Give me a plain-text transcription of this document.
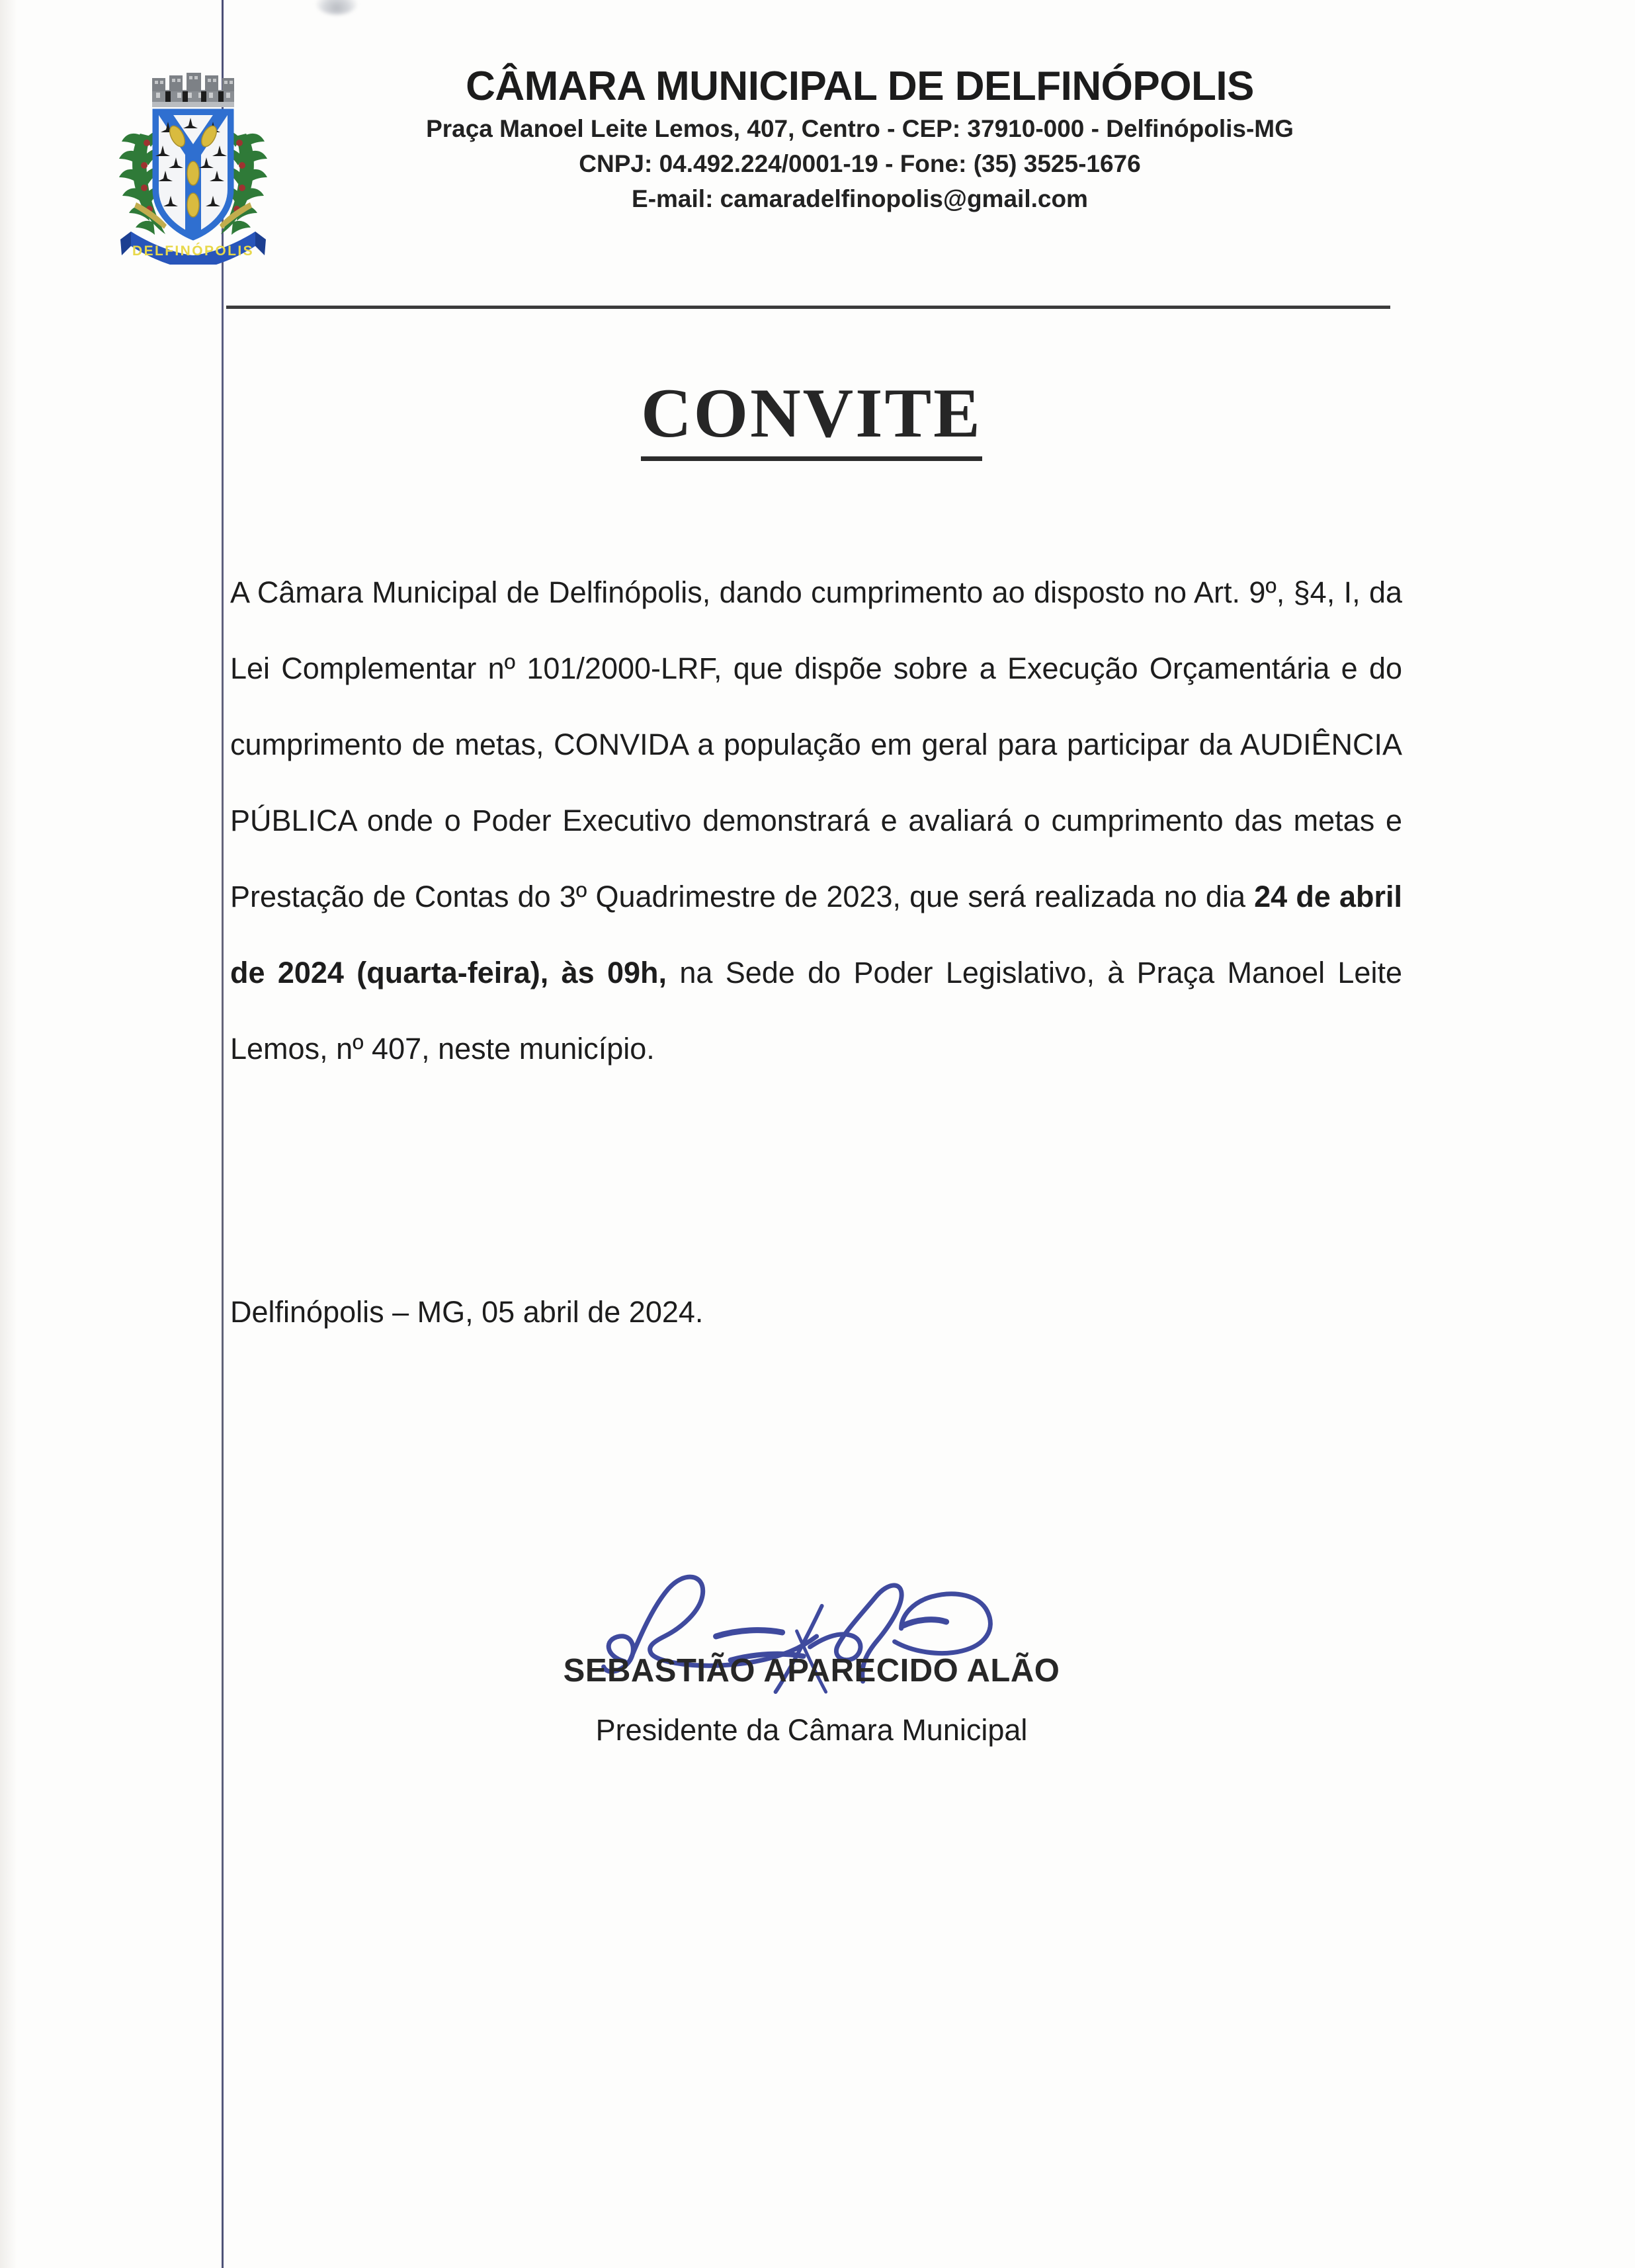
DELFINÓPOLIS
CÂMARA MUNICIPAL DE DELFINÓPOLIS
Praça Manoel Leite Lemos, 407, Centro - CEP: 37910-000 - Delfinópolis-MG
CNPJ: 04.492.224/0001-19 - Fone: (35) 3525-1676
E-mail: camaradelfinopolis@gmail.com
CONVITE

A Câmara Municipal de Delfinópolis, dando cumprimento ao disposto no Art. 9º, §4, I, da Lei Complementar nº 101/2000-LRF, que dispõe sobre a Execução Orçamentária e do cumprimento de metas, CONVIDA a população em geral para participar da AUDIÊNCIA PÚBLICA onde o Poder Executivo demonstrará e avaliará o cumprimento das metas e Prestação de Contas do 3º Quadrimestre de 2023, que será realizada no dia 24 de abril de 2024 (quarta-feira), às 09h, na Sede do Poder Legislativo, à Praça Manoel Leite Lemos, nº 407, neste município.

Delfinópolis – MG, 05 abril de 2024.
SEBASTIÃO APARECIDO ALÃO
Presidente da Câmara Municipal
